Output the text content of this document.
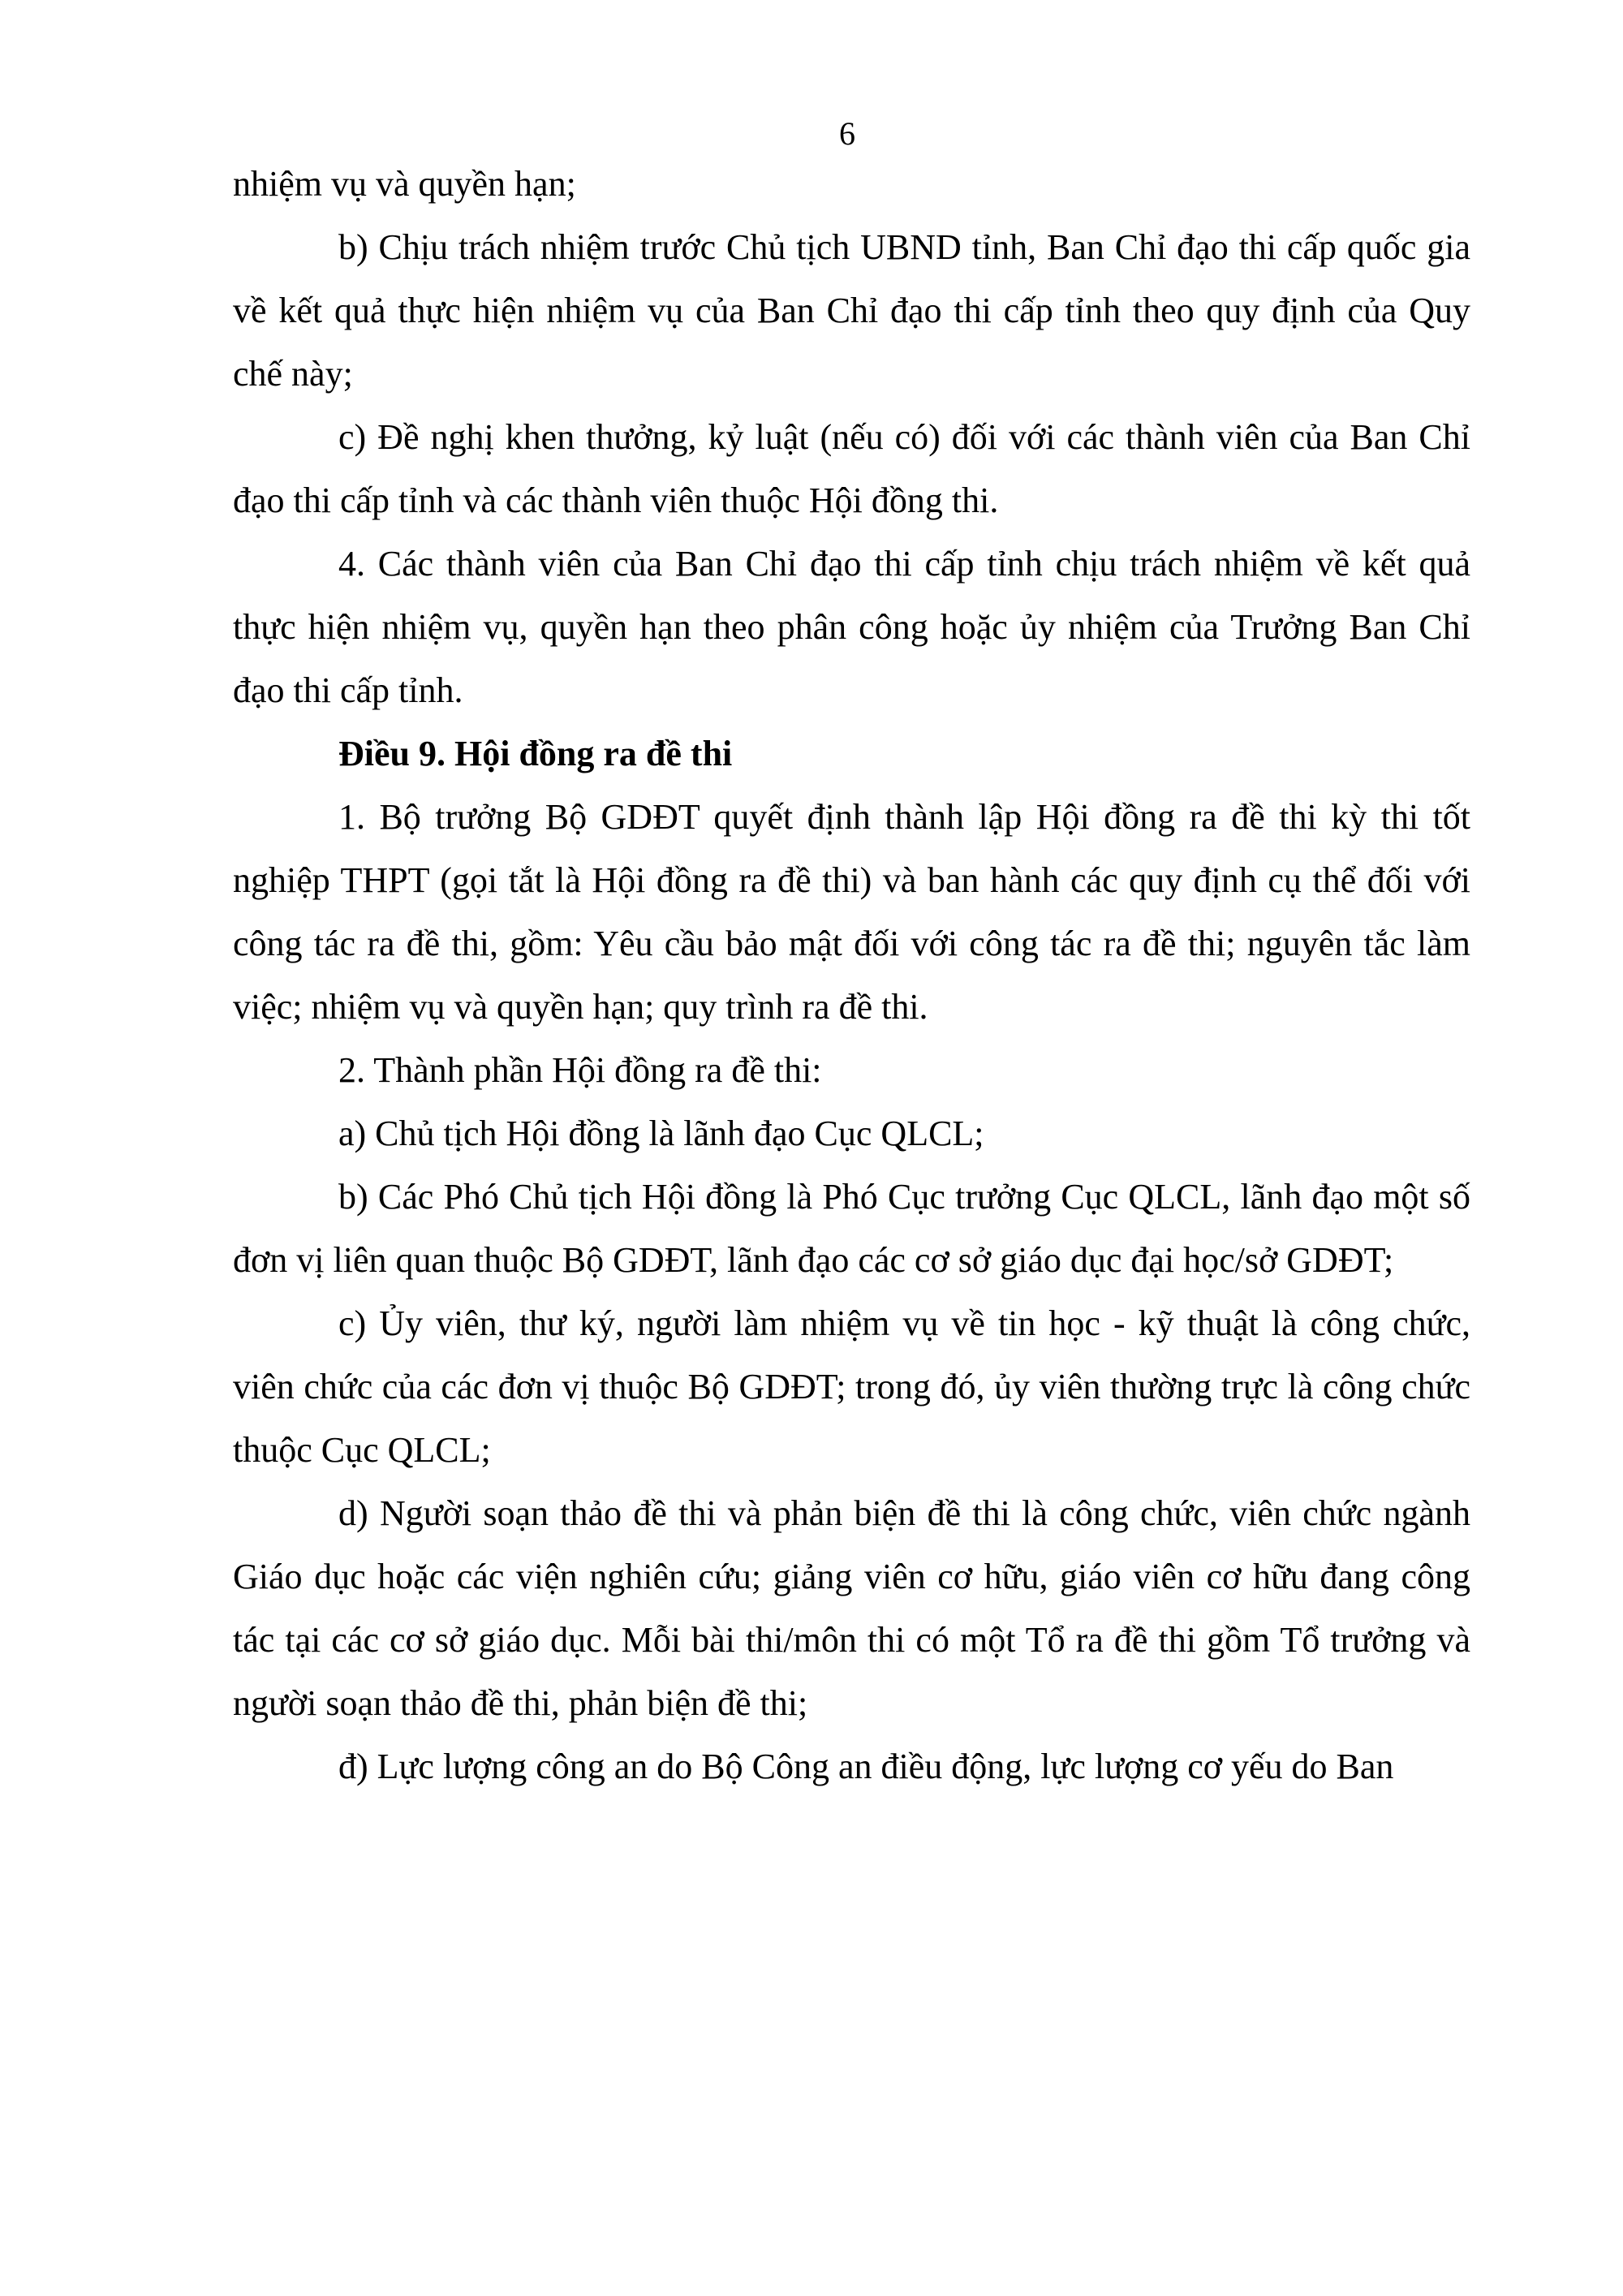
6

nhiệm vụ và quyền hạn;

b) Chịu trách nhiệm trước Chủ tịch UBND tỉnh, Ban Chỉ đạo thi cấp quốc gia về kết quả thực hiện nhiệm vụ của Ban Chỉ đạo thi cấp tỉnh theo quy định của Quy chế này;

c) Đề nghị khen thưởng, kỷ luật (nếu có) đối với các thành viên của Ban Chỉ đạo thi cấp tỉnh và các thành viên thuộc Hội đồng thi.

4. Các thành viên của Ban Chỉ đạo thi cấp tỉnh chịu trách nhiệm về kết quả thực hiện nhiệm vụ, quyền hạn theo phân công hoặc ủy nhiệm của Trưởng Ban Chỉ đạo thi cấp tỉnh.

Điều 9. Hội đồng ra đề thi

1. Bộ trưởng Bộ GDĐT quyết định thành lập Hội đồng ra đề thi kỳ thi tốt nghiệp THPT (gọi tắt là Hội đồng ra đề thi) và ban hành các quy định cụ thể đối với công tác ra đề thi, gồm: Yêu cầu bảo mật đối với công tác ra đề thi; nguyên tắc làm việc; nhiệm vụ và quyền hạn; quy trình ra đề thi.

2. Thành phần Hội đồng ra đề thi:

a) Chủ tịch Hội đồng là lãnh đạo Cục QLCL;

b) Các Phó Chủ tịch Hội đồng là Phó Cục trưởng Cục QLCL, lãnh đạo một số đơn vị liên quan thuộc Bộ GDĐT, lãnh đạo các cơ sở giáo dục đại học/sở GDĐT;

c) Ủy viên, thư ký, người làm nhiệm vụ về tin học - kỹ thuật là công chức, viên chức của các đơn vị thuộc Bộ GDĐT; trong đó, ủy viên thường trực là công chức thuộc Cục QLCL;

d) Người soạn thảo đề thi và phản biện đề thi là công chức, viên chức ngành Giáo dục hoặc các viện nghiên cứu; giảng viên cơ hữu, giáo viên cơ hữu đang công tác tại các cơ sở giáo dục. Mỗi bài thi/môn thi có một Tổ ra đề thi gồm Tổ trưởng và người soạn thảo đề thi, phản biện đề thi;

đ) Lực lượng công an do Bộ Công an điều động, lực lượng cơ yếu do Ban
